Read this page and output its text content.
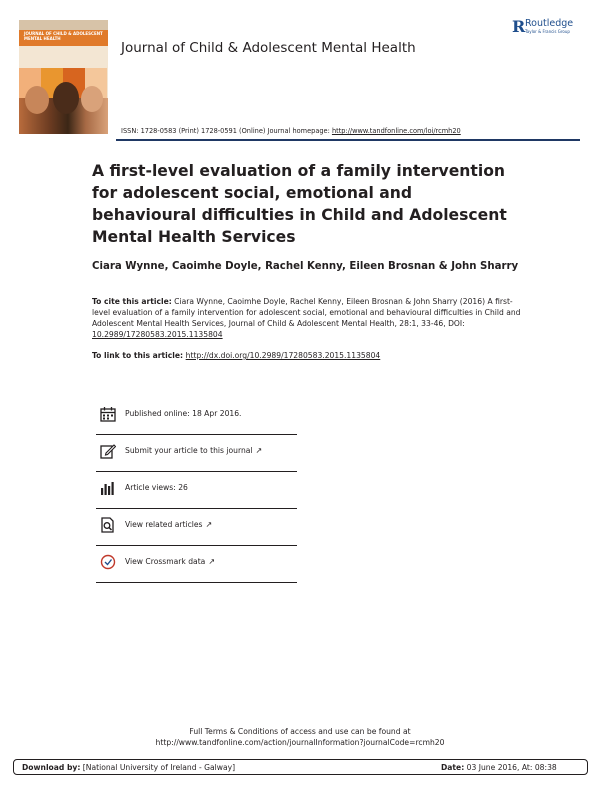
JOURNAL OF CHILD & ADOLESCENT MENTAL HEALTH
Journal of Child & Adolescent Mental Health
R Routledge
Taylor & Francis Group
ISSN: 1728-0583 (Print) 1728-0591 (Online) Journal homepage: http://www.tandfonline.com/loi/rcmh20
A first-level evaluation of a family intervention for adolescent social, emotional and behavioural difficulties in Child and Adolescent Mental Health Services
Ciara Wynne, Caoimhe Doyle, Rachel Kenny, Eileen Brosnan & John Sharry
To cite this article: Ciara Wynne, Caoimhe Doyle, Rachel Kenny, Eileen Brosnan & John Sharry (2016) A first-level evaluation of a family intervention for adolescent social, emotional and behavioural difficulties in Child and Adolescent Mental Health Services, Journal of Child & Adolescent Mental Health, 28:1, 33-46, DOI: 10.2989/17280583.2015.1135804
To link to this article: http://dx.doi.org/10.2989/17280583.2015.1135804
Published online: 18 Apr 2016.
Submit your article to this journal ↗
Article views: 26
View related articles ↗
View Crossmark data ↗
Full Terms & Conditions of access and use can be found at
http://www.tandfonline.com/action/journalInformation?journalCode=rcmh20
Download by: [National University of Ireland - Galway]	Date: 03 June 2016, At: 08:38
